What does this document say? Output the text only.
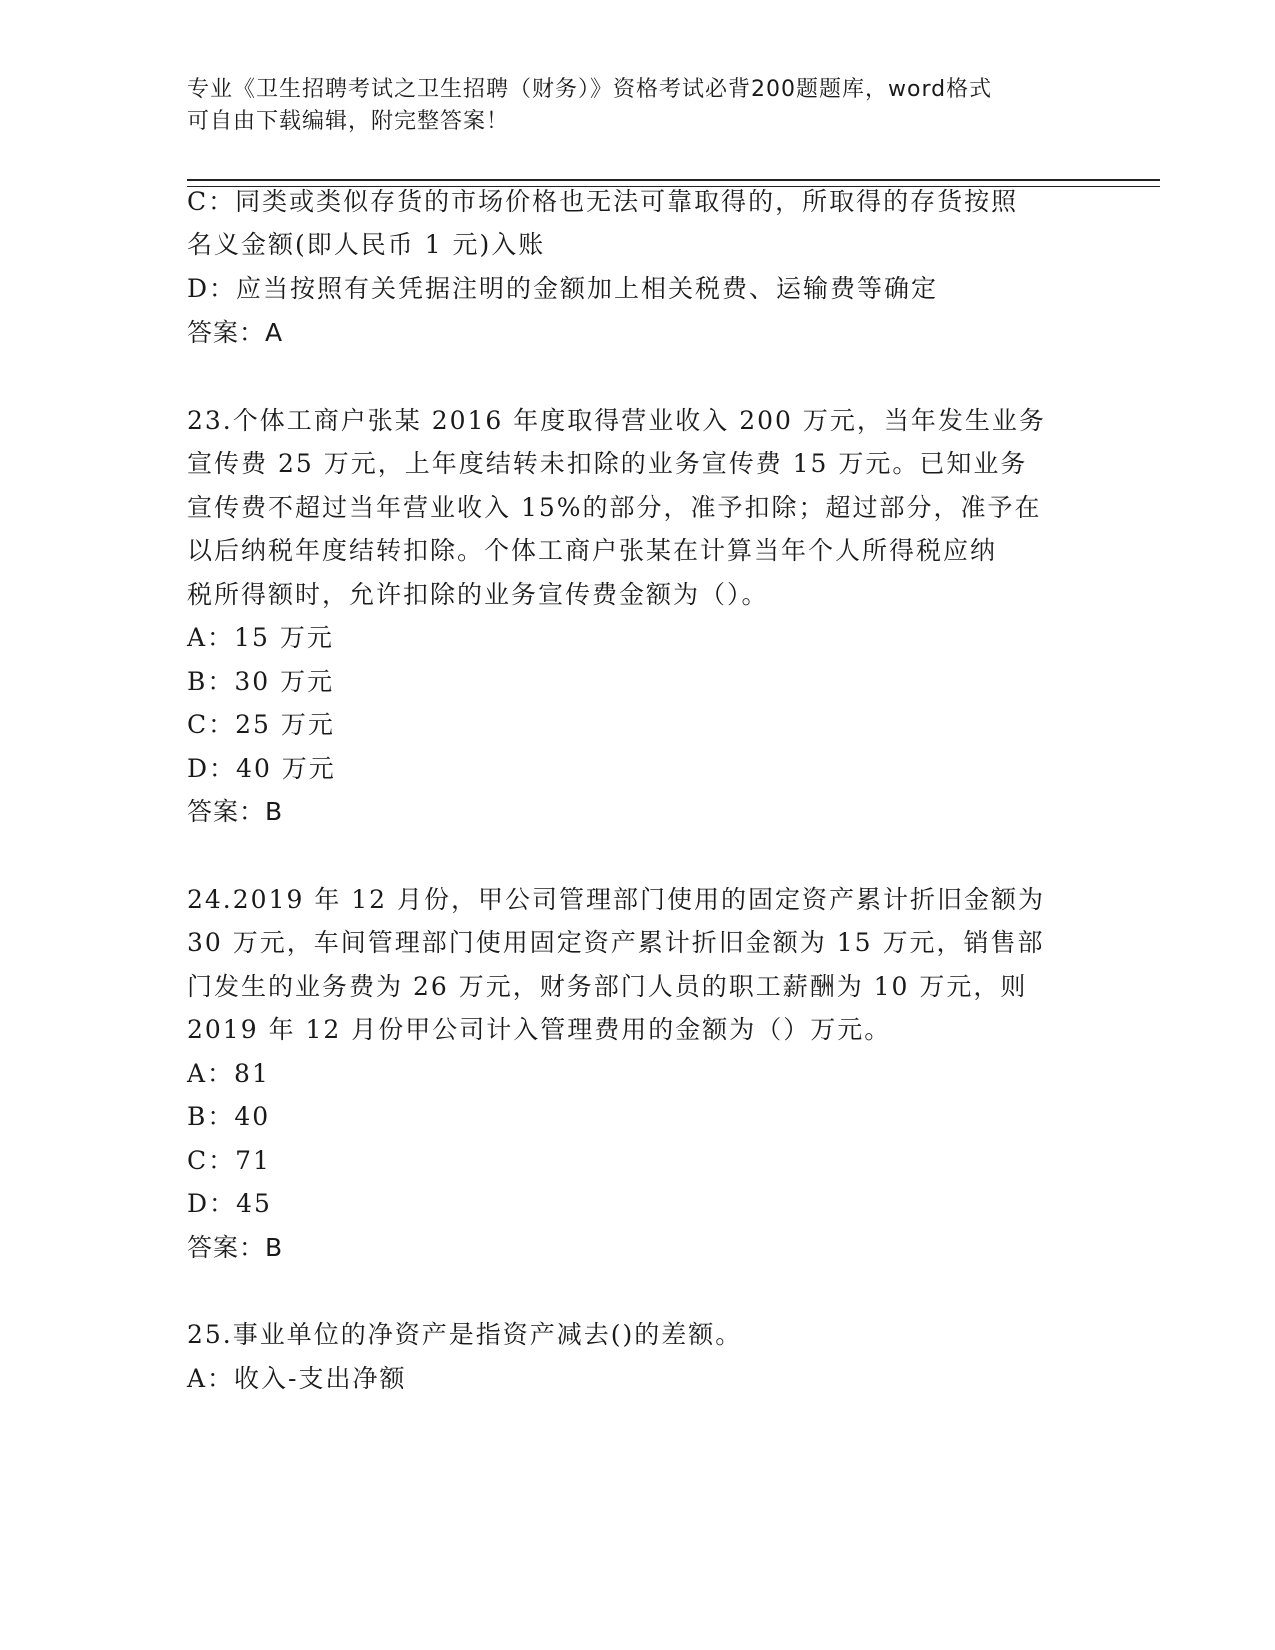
专业《卫生招聘考试之卫生招聘（财务）》资格考试必背200题题库，word格式
可自由下载编辑，附完整答案！
C：同类或类似存货的市场价格也无法可靠取得的，所取得的存货按照
名义金额(即人民币 1 元)入账
D：应当按照有关凭据注明的金额加上相关税费、运输费等确定
答案：A
23.个体工商户张某 2016 年度取得营业收入 200 万元，当年发生业务
宣传费 25 万元，上年度结转未扣除的业务宣传费 15 万元。已知业务
宣传费不超过当年营业收入 15%的部分，准予扣除；超过部分，准予在
以后纳税年度结转扣除。个体工商户张某在计算当年个人所得税应纳
税所得额时，允许扣除的业务宣传费金额为（）。
A：15 万元
B：30 万元
C：25 万元
D：40 万元
答案：B
24.2019 年 12 月份，甲公司管理部门使用的固定资产累计折旧金额为
30 万元，车间管理部门使用固定资产累计折旧金额为 15 万元，销售部
门发生的业务费为 26 万元，财务部门人员的职工薪酬为 10 万元，则
2019 年 12 月份甲公司计入管理费用的金额为（）万元。
A：81
B：40
C：71
D：45
答案：B
25.事业单位的净资产是指资产减去()的差额。
A：收入-支出净额
